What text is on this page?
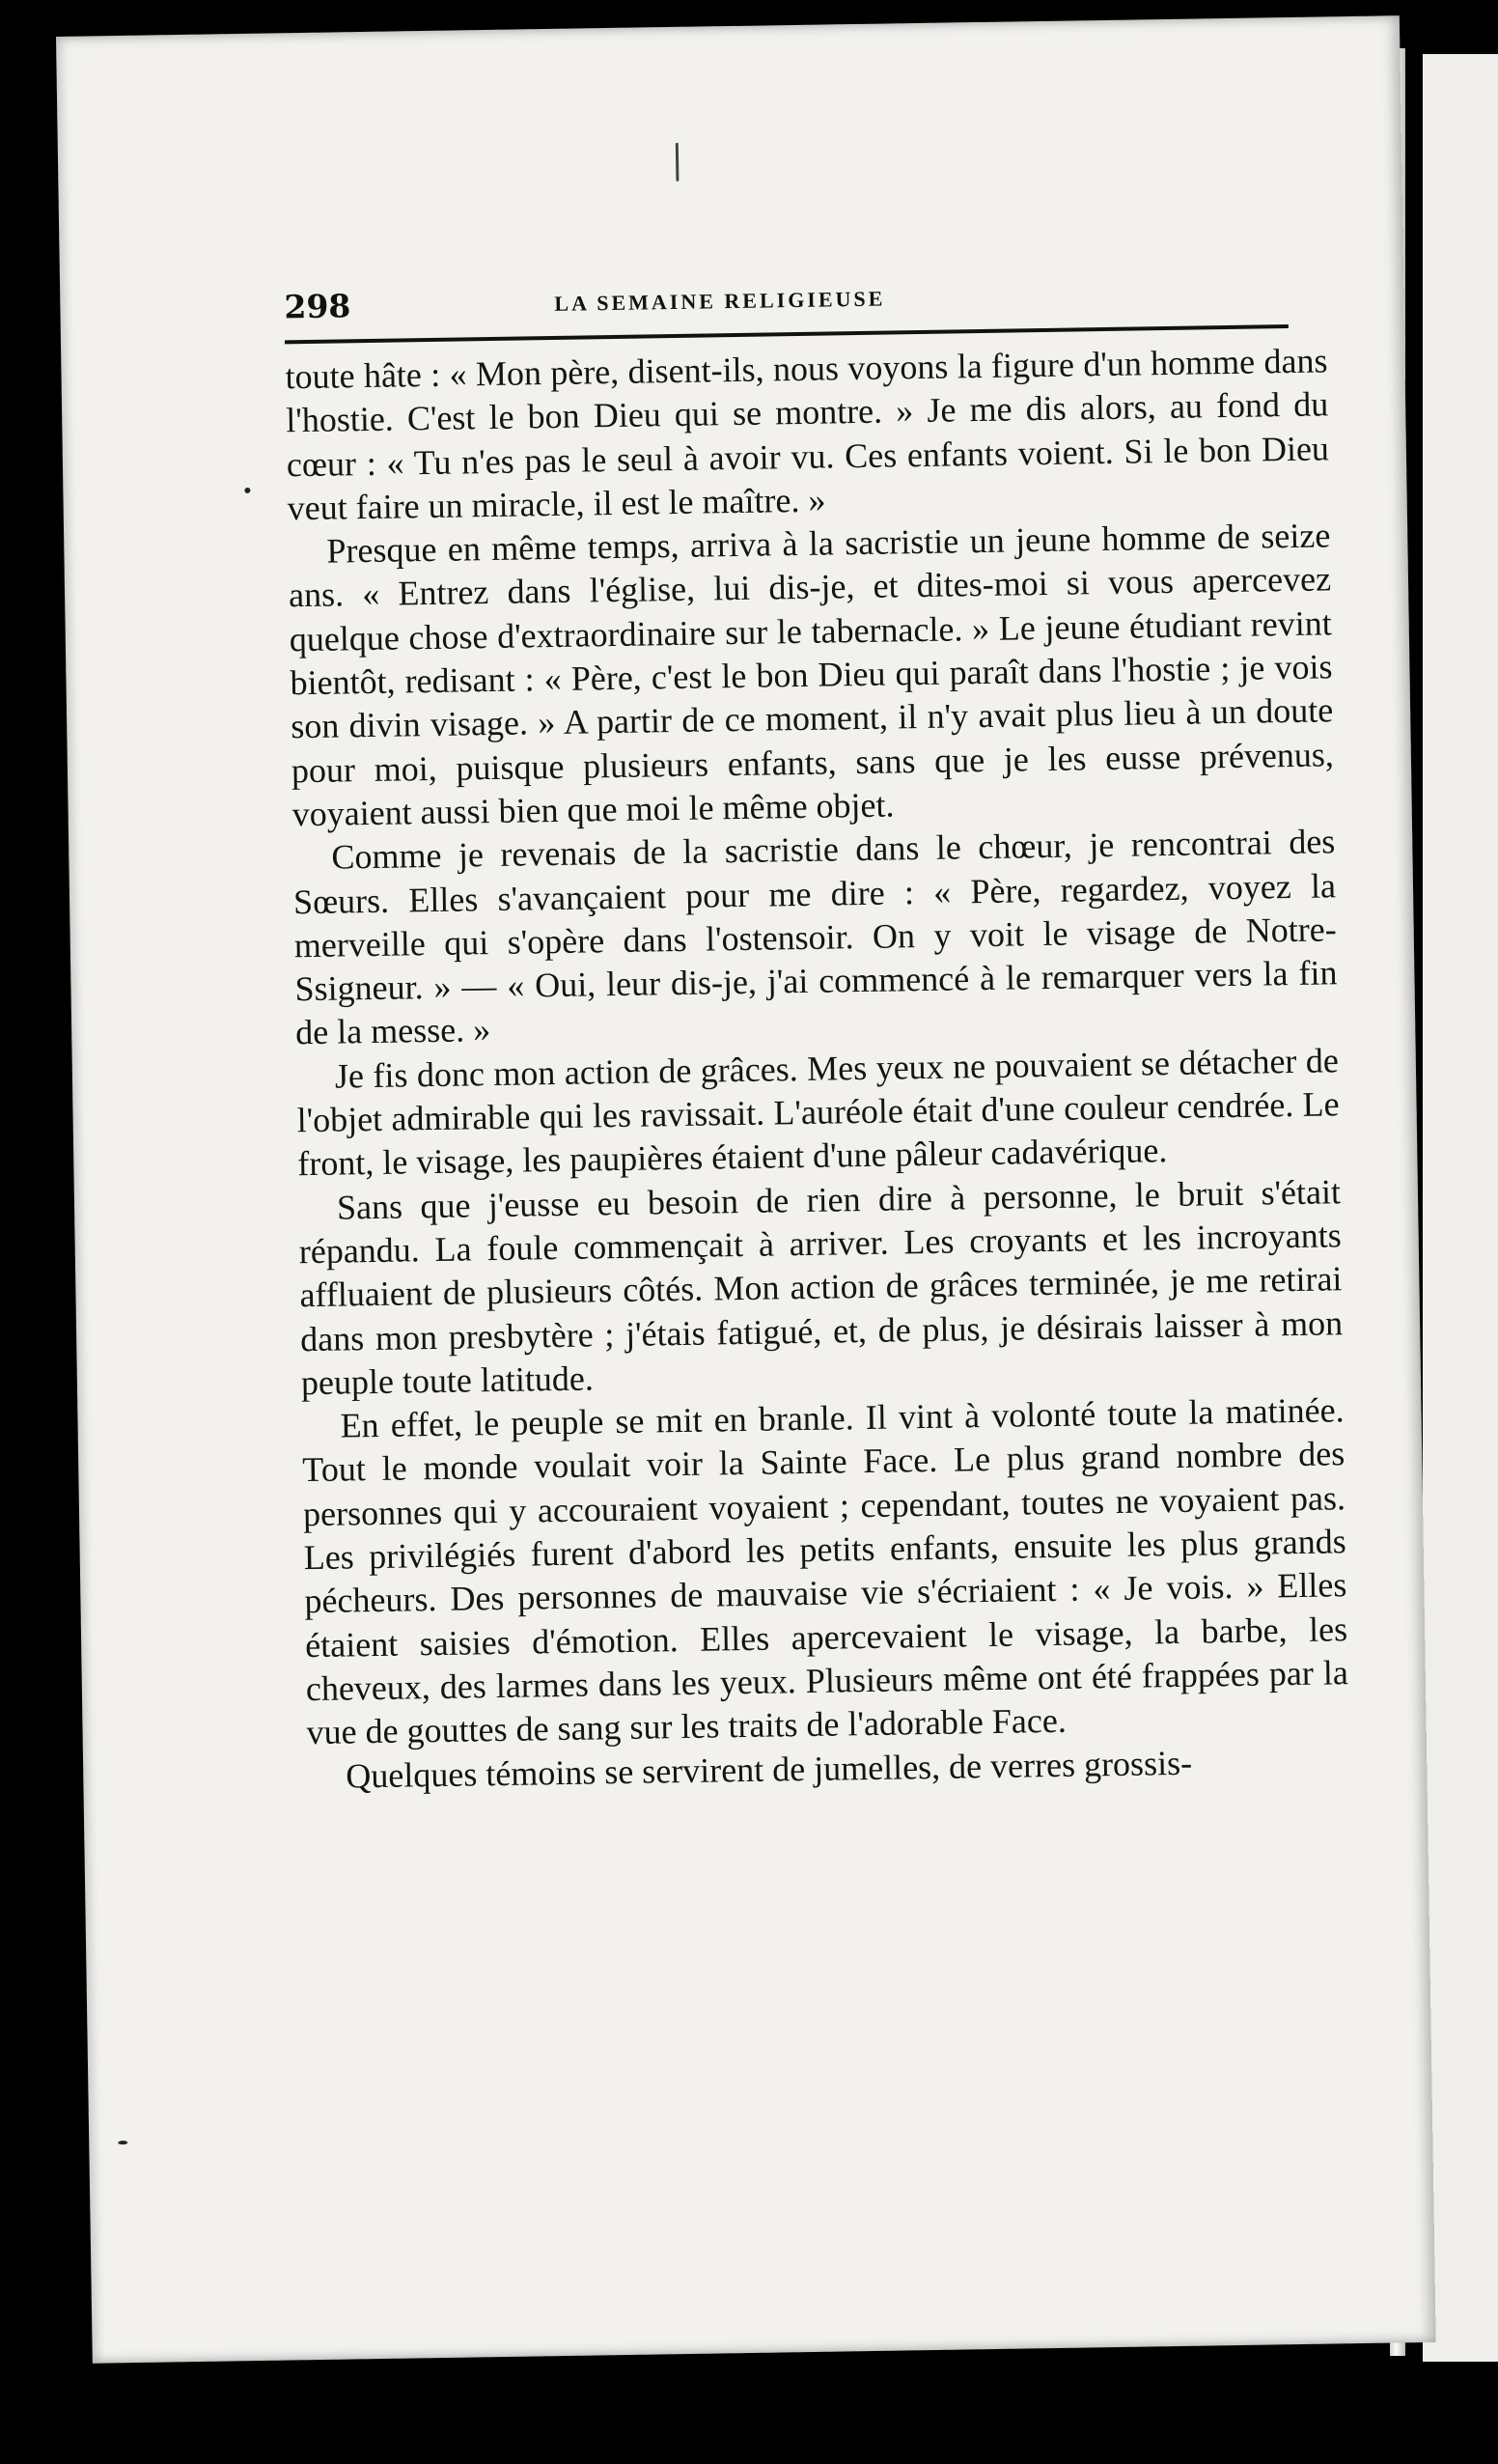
298	LA SEMAINE RELIGIEUSE

toute hâte : « Mon père, disent-ils, nous voyons la figure d'un homme dans l'hostie. C'est le bon Dieu qui se montre. » Je me dis alors, au fond du cœur : « Tu n'es pas le seul à avoir vu. Ces enfants voient. Si le bon Dieu veut faire un miracle, il est le maître. »

Presque en même temps, arriva à la sacristie un jeune homme de seize ans. « Entrez dans l'église, lui dis-je, et dites-moi si vous apercevez quelque chose d'extraordinaire sur le tabernacle. » Le jeune étudiant revint bientôt, redisant : « Père, c'est le bon Dieu qui paraît dans l'hostie ; je vois son divin visage. » A partir de ce moment, il n'y avait plus lieu à un doute pour moi, puisque plusieurs enfants, sans que je les eusse prévenus, voyaient aussi bien que moi le même objet.

Comme je revenais de la sacristie dans le chœur, je rencontrai des Sœurs. Elles s'avançaient pour me dire : « Père, regardez, voyez la merveille qui s'opère dans l'ostensoir. On y voit le visage de Notre-Ssigneur. » — « Oui, leur dis-je, j'ai commencé à le remarquer vers la fin de la messe. »

Je fis donc mon action de grâces. Mes yeux ne pouvaient se détacher de l'objet admirable qui les ravissait. L'auréole était d'une couleur cendrée. Le front, le visage, les paupières étaient d'une pâleur cadavérique.

Sans que j'eusse eu besoin de rien dire à personne, le bruit s'était répandu. La foule commençait à arriver. Les croyants et les incroyants affluaient de plusieurs côtés. Mon action de grâces terminée, je me retirai dans mon presbytère ; j'étais fatigué, et, de plus, je désirais laisser à mon peuple toute latitude.

En effet, le peuple se mit en branle. Il vint à volonté toute la matinée. Tout le monde voulait voir la Sainte Face. Le plus grand nombre des personnes qui y accouraient voyaient ; cependant, toutes ne voyaient pas. Les privilégiés furent d'abord les petits enfants, ensuite les plus grands pécheurs. Des personnes de mauvaise vie s'écriaient : « Je vois. » Elles étaient saisies d'émotion. Elles apercevaient le visage, la barbe, les cheveux, des larmes dans les yeux. Plusieurs même ont été frappées par la vue de gouttes de sang sur les traits de l'adorable Face.

Quelques témoins se servirent de jumelles, de verres grossis-
